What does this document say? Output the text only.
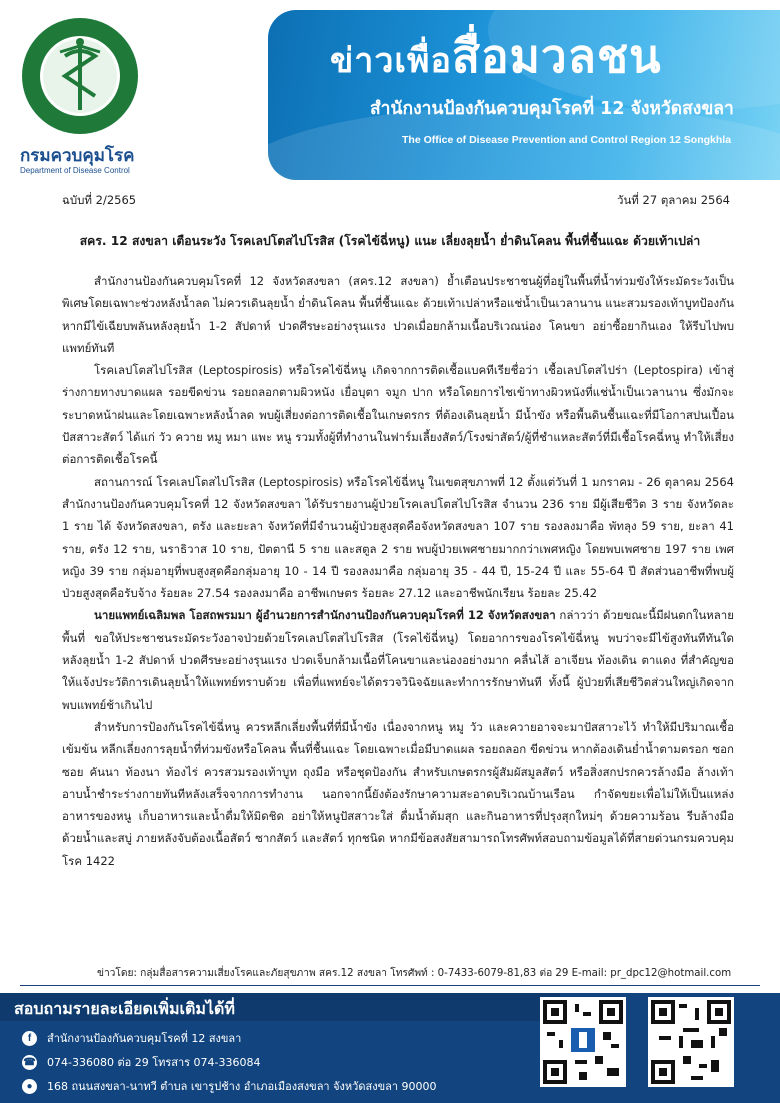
กรมควบคุมโรค
Department of Disease Control
ข่าวเพื่อสื่อมวลชน
สำนักงานป้องกันควบคุมโรคที่ 12 จังหวัดสงขลา
The Office of Disease Prevention and Control Region 12 Songkhla
ฉบับที่ 2/2565	วันที่ 27 ตุลาคม 2564
สคร. 12 สงขลา เตือนระวัง โรคเลปโตสไปโรสิส (โรคไข้ฉี่หนู) แนะ เลี่ยงลุยน้ำ ย่ำดินโคลน พื้นที่ชื้นแฉะ ด้วยเท้าเปล่า

สำนักงานป้องกันควบคุมโรคที่ 12 จังหวัดสงขลา (สคร.12 สงขลา) ย้ำเตือนประชาชนผู้ที่อยู่ในพื้นที่น้ำท่วมขังให้ระมัดระวังเป็นพิเศษโดยเฉพาะช่วงหลังน้ำลด ไม่ควรเดินลุยน้ำ ย่ำดินโคลน พื้นที่ชื้นแฉะ ด้วยเท้าเปล่าหรือแช่น้ำเป็นเวลานาน แนะสวมรองเท้าบูทป้องกัน หากมีไข้เฉียบพลันหลังลุยน้ำ 1-2 สัปดาห์ ปวดศีรษะอย่างรุนแรง ปวดเมื่อยกล้ามเนื้อบริเวณน่อง โคนขา อย่าซื้อยากินเอง ให้รีบไปพบแพทย์ทันที

โรคเลปโตสไปโรสิส (Leptospirosis) หรือโรคไข้ฉี่หนู เกิดจากการติดเชื้อแบคทีเรียชื่อว่า เชื้อเลปโตสไปร่า (Leptospira) เข้าสู่ร่างกายทางบาดแผล รอยขีดข่วน รอยถลอกตามผิวหนัง เยื่อบุตา จมูก ปาก หรือโดยการไชเข้าทางผิวหนังที่แช่น้ำเป็นเวลานาน ซึ่งมักจะระบาดหน้าฝนและโดยเฉพาะหลังน้ำลด พบผู้เสี่ยงต่อการติดเชื้อในเกษตรกร ที่ต้องเดินลุยน้ำ มีน้ำขัง หรือพื้นดินชื้นแฉะที่มีโอกาสปนเปื้อนปัสสาวะสัตว์ ได้แก่ วัว ควาย หมู หมา แพะ หนู รวมทั้งผู้ที่ทำงานในฟาร์มเลี้ยงสัตว์/โรงฆ่าสัตว์/ผู้ที่ชำแหละสัตว์ที่มีเชื้อโรคฉี่หนู ทำให้เสี่ยงต่อการติดเชื้อโรคนี้

สถานการณ์ โรคเลปโตสไปโรสิส (Leptospirosis) หรือโรคไข้ฉี่หนู ในเขตสุขภาพที่ 12 ตั้งแต่วันที่ 1 มกราคม - 26 ตุลาคม 2564 สำนักงานป้องกันควบคุมโรคที่ 12 จังหวัดสงขลา ได้รับรายงานผู้ป่วยโรคเลปโตสไปโรสิส จำนวน 236 ราย มีผู้เสียชีวิต 3 ราย จังหวัดละ 1 ราย ได้ จังหวัดสงขลา, ตรัง และยะลา จังหวัดที่มีจำนวนผู้ป่วยสูงสุดคือจังหวัดสงขลา 107 ราย รองลงมาคือ พัทลุง 59 ราย, ยะลา 41 ราย, ตรัง 12 ราย, นราธิวาส 10 ราย, ปัตตานี 5 ราย และสตูล 2 ราย พบผู้ป่วยเพศชายมากกว่าเพศหญิง โดยพบเพศชาย 197 ราย เพศหญิง 39 ราย กลุ่มอายุที่พบสูงสุดคือกลุ่มอายุ 10 - 14 ปี รองลงมาคือ กลุ่มอายุ 35 - 44 ปี, 15-24 ปี และ 55-64 ปี สัดส่วนอาชีพที่พบผู้ป่วยสูงสุดคือรับจ้าง ร้อยละ 27.54 รองลงมาคือ อาชีพเกษตร ร้อยละ 27.12 และอาชีพนักเรียน ร้อยละ 25.42

นายแพทย์เฉลิมพล โอสถพรมมา ผู้อำนวยการสำนักงานป้องกันควบคุมโรคที่ 12 จังหวัดสงขลา กล่าวว่า ด้วยขณะนี้มีฝนตกในหลายพื้นที่ ขอให้ประชาชนระมัดระวังอาจป่วยด้วยโรคเลปโตสไปโรสิส (โรคไข้ฉี่หนู) โดยอาการของโรคไข้ฉี่หนู พบว่าจะมีไข้สูงทันทีทันใด หลังลุยน้ำ 1-2 สัปดาห์ ปวดศีรษะอย่างรุนแรง ปวดเจ็บกล้ามเนื้อที่โคนขาและน่องอย่างมาก คลื่นไส้ อาเจียน ท้องเดิน ตาแดง ที่สำคัญขอให้แจ้งประวัติการเดินลุยน้ำให้แพทย์ทราบด้วย เพื่อที่แพทย์จะได้ตรวจวินิจฉัยและทำการรักษาทันที ทั้งนี้ ผู้ป่วยที่เสียชีวิตส่วนใหญ่เกิดจากพบแพทย์ช้าเกินไป

สำหรับการป้องกันโรคไข้ฉี่หนู ควรหลีกเลี่ยงพื้นที่ที่มีน้ำขัง เนื่องจากหนู หมู วัว และควายอาจจะมาปัสสาวะไว้ ทำให้มีปริมาณเชื้อเข้มข้น หลีกเลี่ยงการลุยน้ำที่ท่วมขังหรือโคลน พื้นที่ชื้นแฉะ โดยเฉพาะเมื่อมีบาดแผล รอยถลอก ขีดข่วน หากต้องเดินย่ำน้ำตามตรอก ซอก ซอย คันนา ท้องนา ท้องไร่ ควรสวมรองเท้าบูท ถุงมือ หรือชุดป้องกัน สำหรับเกษตรกรผู้สัมผัสมูลสัตว์ หรือสิ่งสกปรกควรล้างมือ ล้างเท้า อาบน้ำชำระร่างกายทันทีหลังเสร็จจากการทำงาน นอกจากนี้ยังต้องรักษาความสะอาดบริเวณบ้านเรือน กำจัดขยะเพื่อไม่ให้เป็นแหล่งอาหารของหนู เก็บอาหารและน้ำดื่มให้มิดชิด อย่าให้หนูปัสสาวะใส่ ดื่มน้ำต้มสุก และกินอาหารที่ปรุงสุกใหม่ๆ ด้วยความร้อน รีบล้างมือ ด้วยน้ำและสบู่ ภายหลังจับต้องเนื้อสัตว์ ซากสัตว์ และสัตว์ ทุกชนิด หากมีข้อสงสัยสามารถโทรศัพท์สอบถามข้อมูลได้ที่สายด่วนกรมควบคุมโรค 1422

ข่าวโดย: กลุ่มสื่อสารความเสี่ยงโรคและภัยสุขภาพ สคร.12 สงขลา โทรศัพท์ : 0-7433-6079-81,83 ต่อ 29 E-mail: pr_dpc12@hotmail.com
สอบถามรายละเอียดเพิ่มเติมได้ที่
f	สำนักงานป้องกันควบคุมโรคที่ 12 สงขลา
☎ 074-336080 ต่อ 29 โทรสาร 074-336084
●	168 ถนนสงขลา-นาทวี ตำบล เขารูปช้าง อำเภอเมืองสงขลา จังหวัดสงขลา 90000
